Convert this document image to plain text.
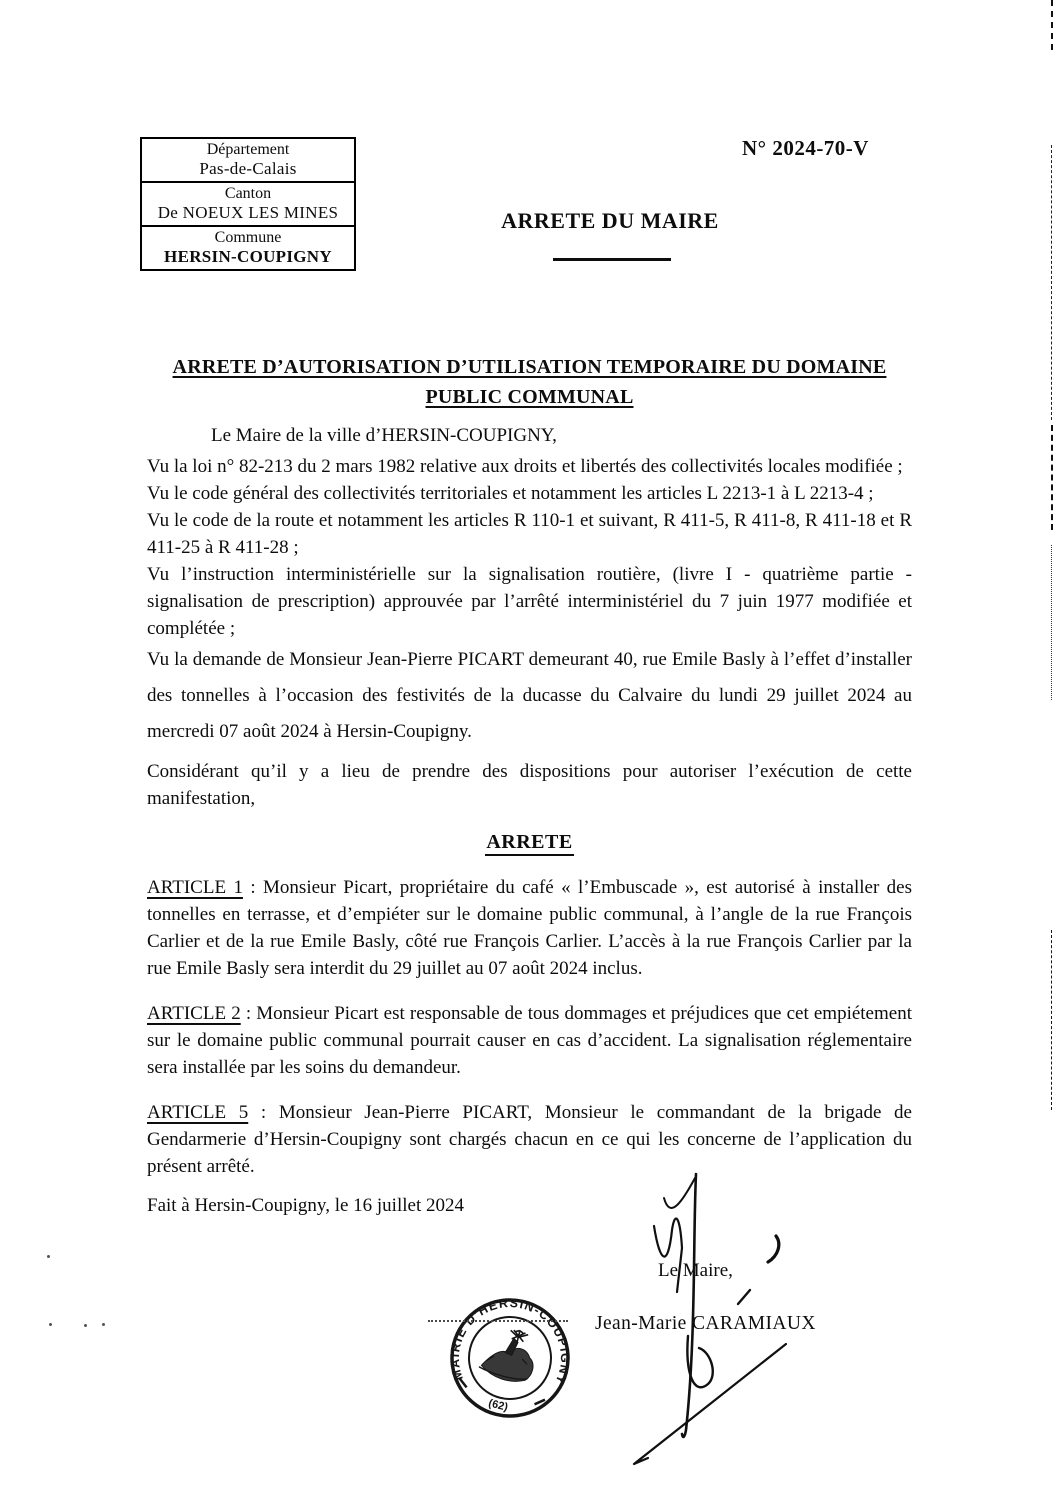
Département
Pas-de-Calais
Canton
De NOEUX LES MINES
Commune
HERSIN-COUPIGNY
N° 2024-70-V
ARRETE DU MAIRE
ARRETE D’AUTORISATION D’UTILISATION TEMPORAIRE DU DOMAINE
PUBLIC COMMUNAL

Le Maire de la ville d’HERSIN-COUPIGNY,

Vu la loi n° 82-213 du 2 mars 1982 relative aux droits et libertés des collectivités locales modifiée ;

Vu le code général des collectivités territoriales et notamment les articles L 2213-1 à L 2213-4 ;

Vu le code de la route et notamment les articles R 110-1 et suivant, R 411-5, R 411-8, R 411-18 et R 411-25 à R 411-28 ;

Vu l’instruction interministérielle sur la signalisation routière, (livre I - quatrième partie - signalisation de prescription) approuvée par l’arrêté interministériel du 7 juin 1977 modifiée et complétée ;

Vu la demande de Monsieur Jean-Pierre PICART demeurant 40, rue Emile Basly à l’effet d’installer des tonnelles à l’occasion des festivités de la ducasse du Calvaire du lundi 29 juillet 2024 au mercredi 07 août 2024 à Hersin-Coupigny.

Considérant qu’il y a lieu de prendre des dispositions pour autoriser l’exécution de cette manifestation,

ARRETE

ARTICLE 1 : Monsieur Picart, propriétaire du café « l’Embuscade », est autorisé à installer des tonnelles en terrasse, et d’empiéter sur le domaine public communal, à l’angle de la rue François Carlier et de la rue Emile Basly, côté rue François Carlier. L’accès à la rue François Carlier par la rue Emile Basly sera interdit du 29 juillet au 07 août 2024 inclus.

ARTICLE 2 : Monsieur Picart est responsable de tous dommages et préjudices que cet empiétement sur le domaine public communal pourrait causer en cas d’accident. La signalisation réglementaire sera installée par les soins du demandeur.

ARTICLE 5 : Monsieur Jean-Pierre PICART, Monsieur le commandant de la brigade de Gendarmerie d’Hersin-Coupigny sont chargés chacun en ce qui les concerne de l’application du présent arrêté.

Fait à Hersin-Coupigny, le 16 juillet 2024

Le Maire,
Jean-Marie CARAMIAUX
MAIRIE D’HERSIN-COUPIGNY
(62)
